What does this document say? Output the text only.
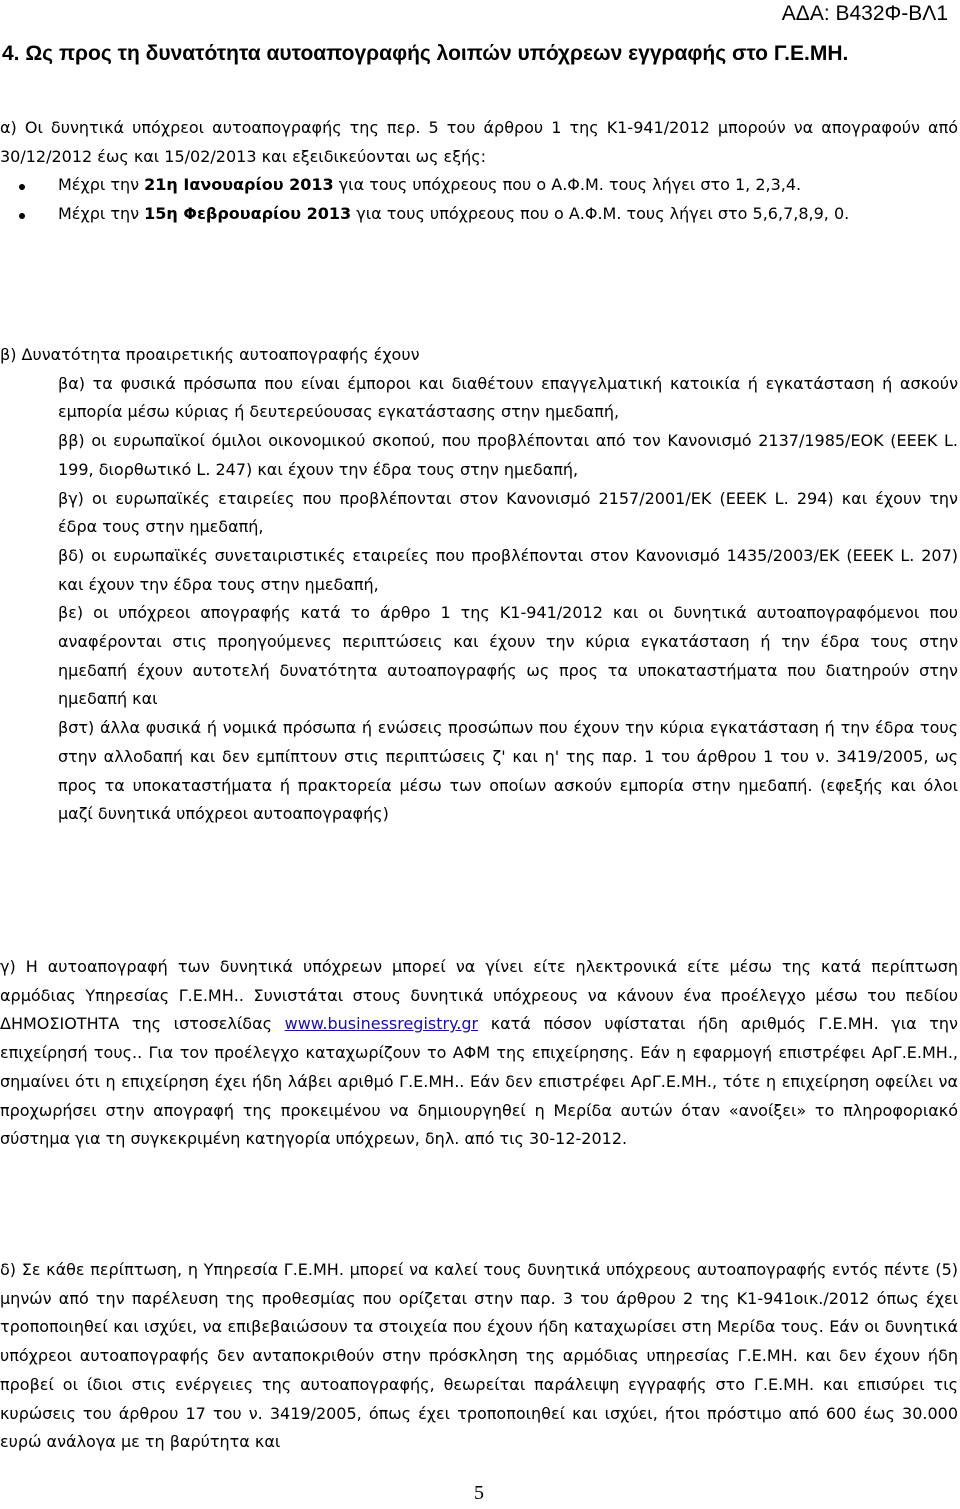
ΑΔΑ: Β432Φ-ΒΛ1
4. Ως προς τη δυνατότητα αυτοαπογραφής λοιπών υπόχρεων εγγραφής στο Γ.Ε.ΜΗ.
α) Οι δυνητικά υπόχρεοι αυτοαπογραφής της περ. 5 του άρθρου 1 της Κ1-941/2012 μπορούν να απογραφούν από 30/12/2012 έως και 15/02/2013 και εξειδικεύονται ως εξής:
Μέχρι την 21η Ιανουαρίου 2013 για τους υπόχρεους που ο Α.Φ.Μ. τους λήγει στο 1, 2,3,4.
Μέχρι την 15η Φεβρουαρίου 2013 για τους υπόχρεους που ο Α.Φ.Μ. τους λήγει στο 5,6,7,8,9, 0.
β) Δυνατότητα προαιρετικής αυτοαπογραφής έχουν
βα) τα φυσικά πρόσωπα που είναι έμποροι και διαθέτουν επαγγελματική κατοικία ή εγκατάσταση ή ασκούν εμπορία μέσω κύριας ή δευτερεύουσας εγκατάστασης στην ημεδαπή,
ββ) οι ευρωπαϊκοί όμιλοι οικονομικού σκοπού, που προβλέπονται από τον Κανονισμό 2137/1985/ΕΟΚ (ΕΕΕΚ L. 199, διορθωτικό L. 247) και έχουν την έδρα τους στην ημεδαπή,
βγ) οι ευρωπαϊκές εταιρείες που προβλέπονται στον Κανονισμό 2157/2001/ΕΚ (ΕΕΕΚ L. 294) και έχουν την έδρα τους στην ημεδαπή,
βδ) οι ευρωπαϊκές συνεταιριστικές εταιρείες που προβλέπονται στον Κανονισμό 1435/2003/ΕΚ (ΕΕΕΚ L. 207) και έχουν την έδρα τους στην ημεδαπή,
βε) οι υπόχρεοι απογραφής κατά το άρθρο 1 της Κ1-941/2012 και οι δυνητικά αυτοαπογραφόμενοι που αναφέρονται στις προηγούμενες περιπτώσεις και έχουν την κύρια εγκατάσταση ή την έδρα τους στην ημεδαπή έχουν αυτοτελή δυνατότητα αυτοαπογραφής ως προς τα υποκαταστήματα που διατηρούν στην ημεδαπή και
βστ) άλλα φυσικά ή νομικά πρόσωπα ή ενώσεις προσώπων που έχουν την κύρια εγκατάσταση ή την έδρα τους στην αλλοδαπή και δεν εμπίπτουν στις περιπτώσεις ζ' και η' της παρ. 1 του άρθρου 1 του ν. 3419/2005, ως προς τα υποκαταστήματα ή πρακτορεία μέσω των οποίων ασκούν εμπορία στην ημεδαπή. (εφεξής και όλοι μαζί δυνητικά υπόχρεοι αυτοαπογραφής)
γ) Η αυτοαπογραφή των δυνητικά υπόχρεων μπορεί να γίνει είτε ηλεκτρονικά είτε μέσω της κατά περίπτωση αρμόδιας Υπηρεσίας Γ.Ε.ΜΗ.. Συνιστάται στους δυνητικά υπόχρεους να κάνουν ένα προέλεγχο μέσω του πεδίου ΔΗΜΟΣΙΟΤΗΤΑ της ιστοσελίδας www.businessregistry.gr κατά πόσον υφίσταται ήδη αριθμός Γ.Ε.ΜΗ. για την επιχείρησή τους.. Για τον προέλεγχο καταχωρίζουν το ΑΦΜ της επιχείρησης. Εάν η εφαρμογή επιστρέφει ΑρΓ.Ε.ΜΗ., σημαίνει ότι η επιχείρηση έχει ήδη λάβει αριθμό Γ.Ε.ΜΗ.. Εάν δεν επιστρέφει ΑρΓ.Ε.ΜΗ., τότε η επιχείρηση οφείλει να προχωρήσει στην απογραφή της προκειμένου να δημιουργηθεί η Μερίδα αυτών όταν «ανοίξει» το πληροφοριακό σύστημα για τη συγκεκριμένη κατηγορία υπόχρεων, δηλ. από τις 30-12-2012.
δ) Σε κάθε περίπτωση, η Υπηρεσία Γ.Ε.ΜΗ. μπορεί να καλεί τους δυνητικά υπόχρεους αυτοαπογραφής εντός πέντε (5) μηνών από την παρέλευση της προθεσμίας που ορίζεται στην παρ. 3 του άρθρου 2 της Κ1-941οικ./2012 όπως έχει τροποποιηθεί και ισχύει, να επιβεβαιώσουν τα στοιχεία που έχουν ήδη καταχωρίσει στη Μερίδα τους. Εάν οι δυνητικά υπόχρεοι αυτοαπογραφής δεν ανταποκριθούν στην πρόσκληση της αρμόδιας υπηρεσίας Γ.Ε.ΜΗ. και δεν έχουν ήδη προβεί οι ίδιοι στις ενέργειες της αυτοαπογραφής, θεωρείται παράλειψη εγγραφής στο Γ.Ε.ΜΗ. και επισύρει τις κυρώσεις του άρθρου 17 του ν. 3419/2005, όπως έχει τροποποιηθεί και ισχύει, ήτοι πρόστιμο από 600 έως 30.000 ευρώ ανάλογα με τη βαρύτητα και
5
